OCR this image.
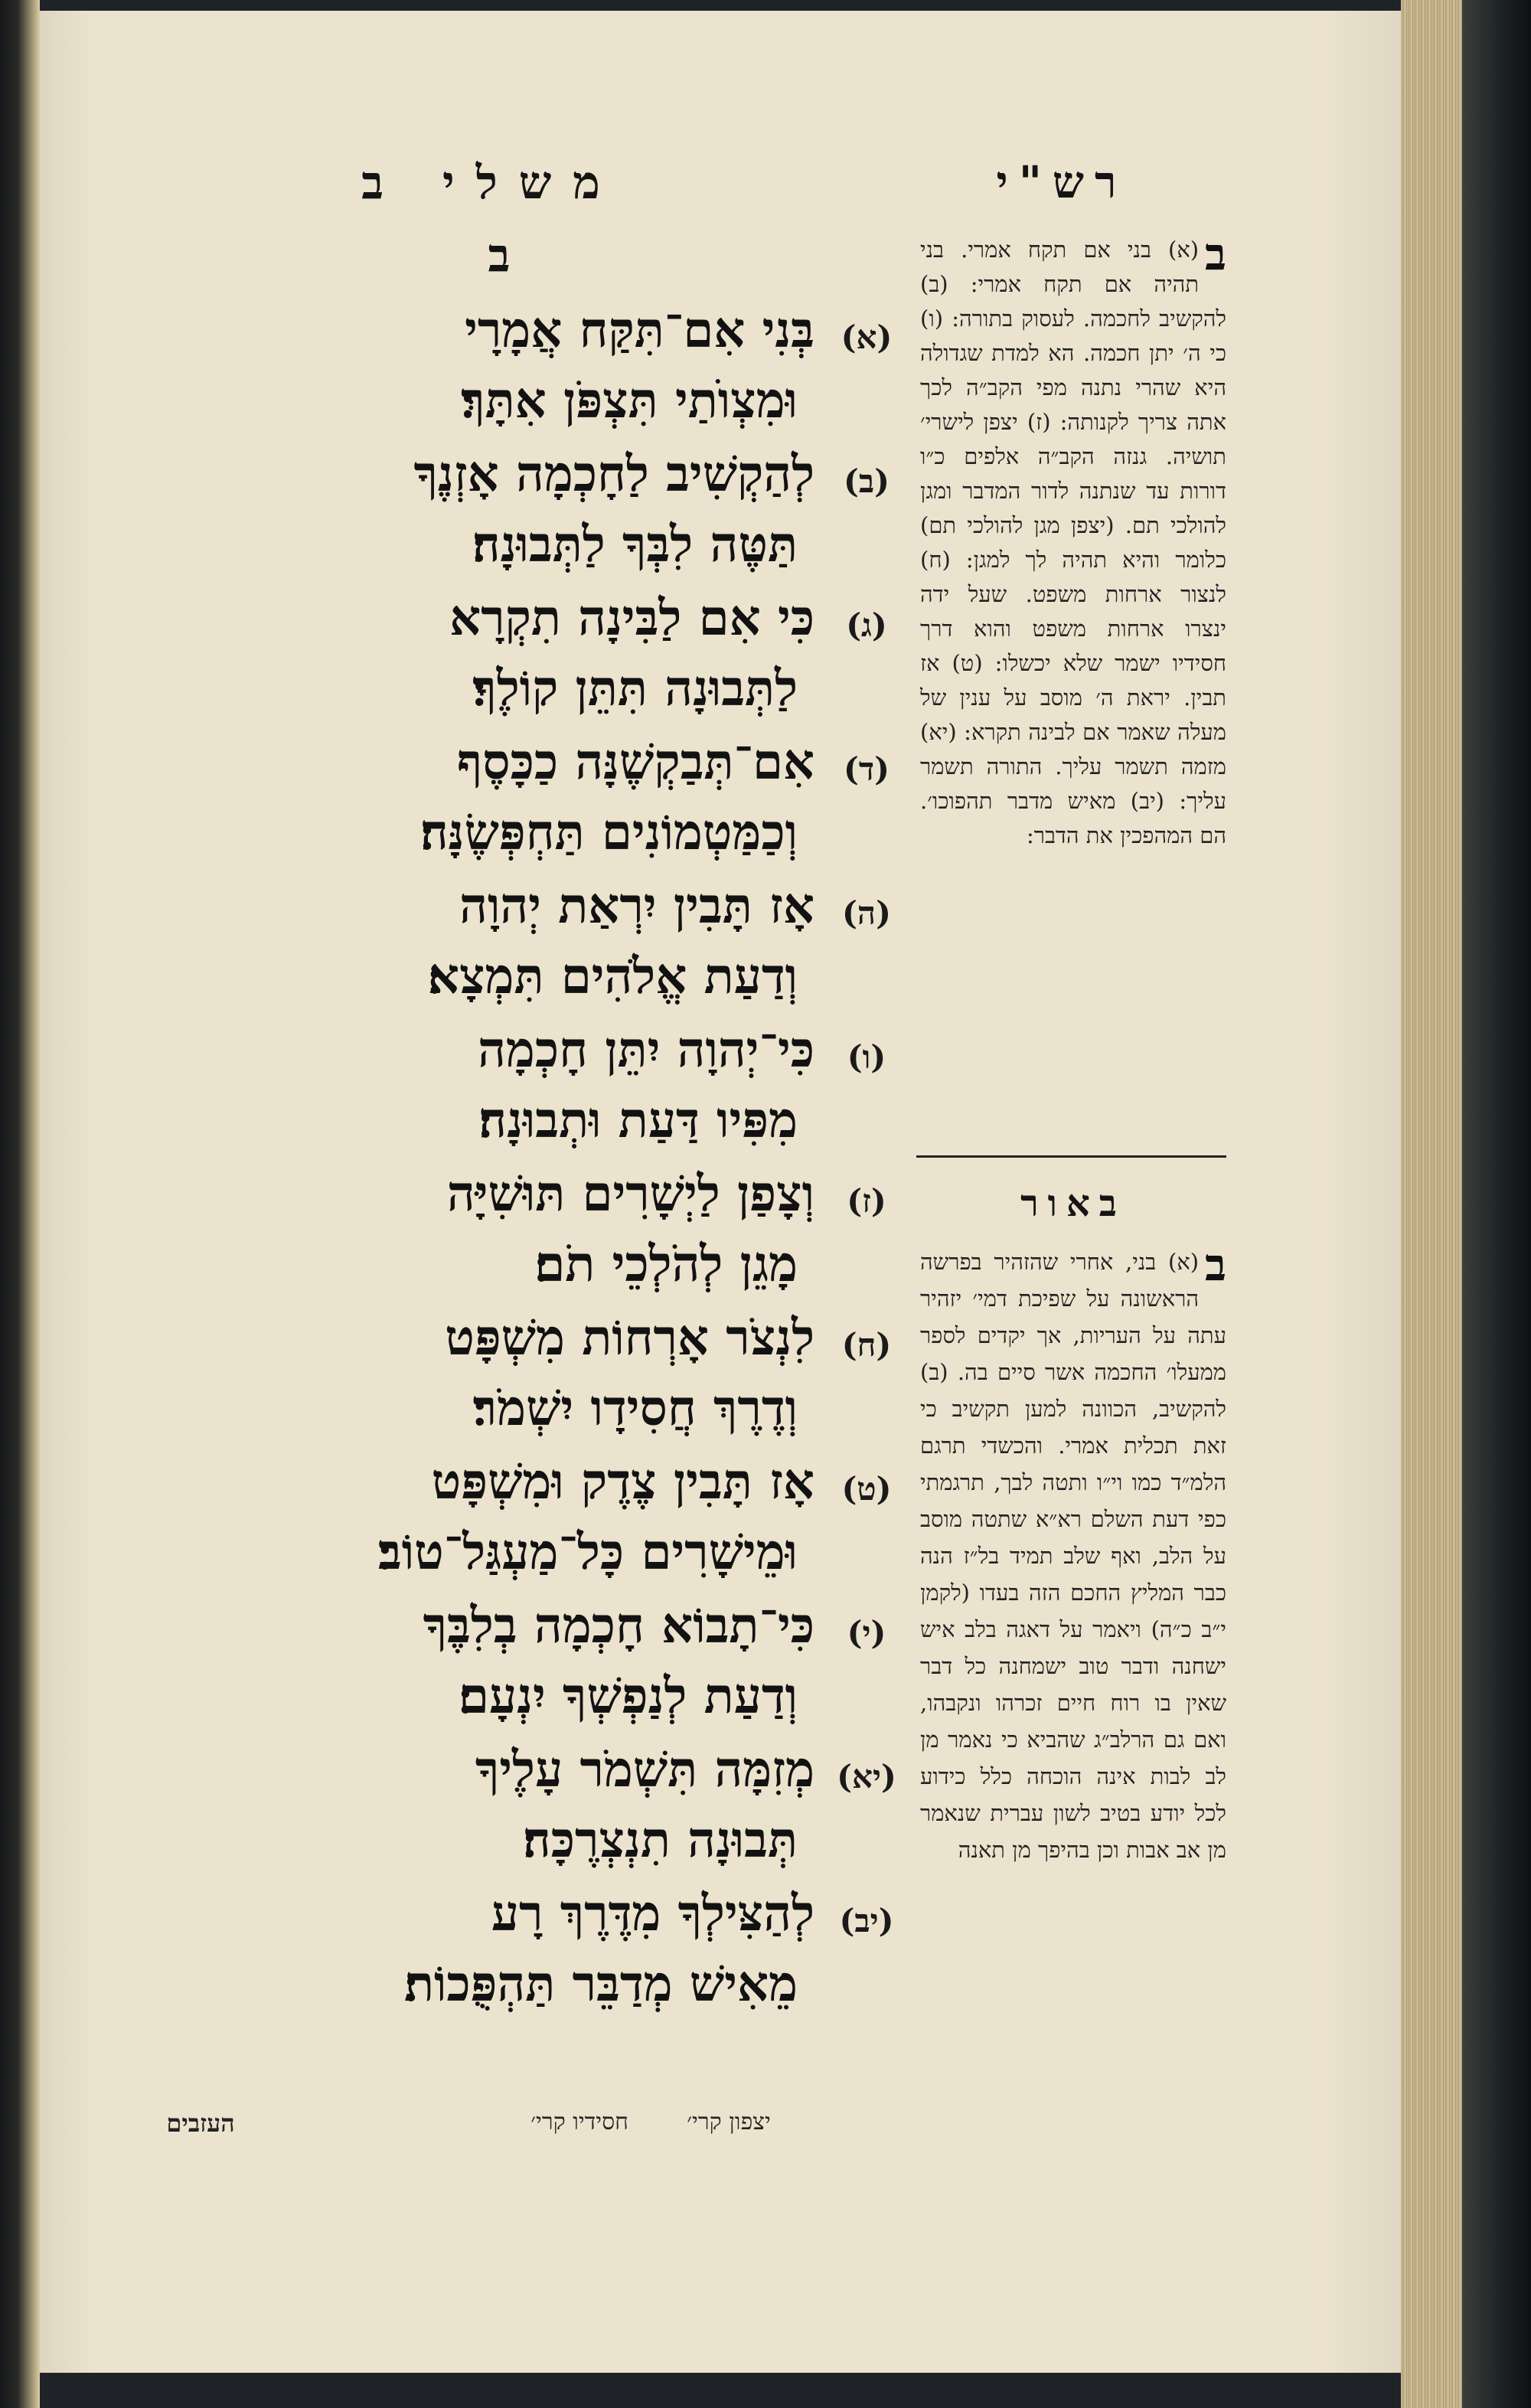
משלי ב
ב
רש"י
(א)
בְּנִי אִם־תִּקַּח אֲמָרָי
וּמִצְוֺתַי תִּצְפֹּן אִתָּךְ׃
(ב)
לְהַקְשִׁיב לַחָכְמָה אָזְנֶךָ
תַּטֶּה לִבְּךָ לַתְּבוּנָה׃
(ג)
כִּי אִם לַבִּינָה תִקְרָא
לַתְּבוּנָה תִּתֵּן קוֹלֶךָ׃
(ד)
אִם־תְּבַקְשֶׁנָּה כַכָּסֶף
וְכַמַּטְמוֹנִים תַּחְפְּשֶׂנָּה׃
(ה)
אָז תָּבִין יִרְאַת יְהוָה
וְדַעַת אֱלֹהִים תִּמְצָא׃
(ו)
כִּי־יְהוָה יִתֵּן חָכְמָה
מִפִּיו דַּעַת וּתְבוּנָה׃
(ז)
וְצָפַן לַיְשָׁרִים תּוּשִׁיָּה
מָגֵן לְהֹלְכֵי תֹם׃
(ח)
לִנְצֹר אָרְחוֹת מִשְׁפָּט
וְדֶרֶךְ חֲסִידָו יִשְׁמֹר׃
(ט)
אָז תָּבִין צֶדֶק וּמִשְׁפָּט
וּמֵישָׁרִים כָּל־מַעְגַּל־טוֹב׃
(י)
כִּי־תָבוֹא חָכְמָה בְלִבֶּךָ
וְדַעַת לְנַפְשְׁךָ יִנְעָם׃
(יא)
מְזִמָּה תִּשְׁמֹר עָלֶיךָ
תְּבוּנָה תִנְצְרֶכָּה׃
(יב)
לְהַצִּילְךָ מִדֶּרֶךְ רָע
מֵאִישׁ מְדַבֵּר תַּהְפֻּכוֹת׃
יצפון קרי׳
חסידיו קרי׳
העזבים
ב
(א) בני אם תקח אמרי. בני תהיה אם תקח אמרי: (ב) להקשיב לחכמה. לעסוק בתורה: (ו) כי ה׳ יתן חכמה. הא למדת שגדולה היא שהרי נתנה מפי הקב״ה לכך אתה צריך לקנותה: (ז) יצפן לישרי׳ תושיה. גנזה הקב״ה אלפים כ״ו דורות עד שנתנה לדור המדבר ומגן להולכי תם. (יצפן מגן להולכי תם) כלומר והיא תהיה לך למגן: (ח) לנצור ארחות משפט. שעל ידה ינצרו ארחות משפט והוא דרך חסידיו ישמר שלא יכשלו: (ט) אז תבין. יראת ה׳ מוסב על ענין של מעלה שאמר אם לבינה תקרא: (יא) מזמה תשמר עליך. התורה תשמר עליך: (יב) מאיש מדבר תהפוכו׳. הם המהפכין את הדבר:
באור
ב
(א) בני, אחרי שהזהיר בפרשה הראשונה על שפיכת דמי׳ יזהיר עתה על העריות, אך יקדים לספר ממעלו׳ החכמה אשר סיים בה. (ב) להקשיב, הכוונה למען תקשיב כי זאת תכלית אמרי. והכשדי תרגם הלמ״ד כמו וי״ו ותטה לבך, תרגמתי כפי דעת השלם רא״א שתטה מוסב על הלב, ואף שלב תמיד בל״ז הנה כבר המליץ החכם הזה בעדו (לקמן י״ב כ״ה) ויאמר על דאגה בלב איש ישחנה ודבר טוב ישמחנה כל דבר שאין בו רוח חיים זכרהו ונקבהו, ואם גם הרלב״ג שהביא כי נאמר מן לב לבות אינה הוכחה כלל כידוע לכל יודע בטיב לשון עברית שנאמר מן אב אבות וכן בהיפך מן תאנה
